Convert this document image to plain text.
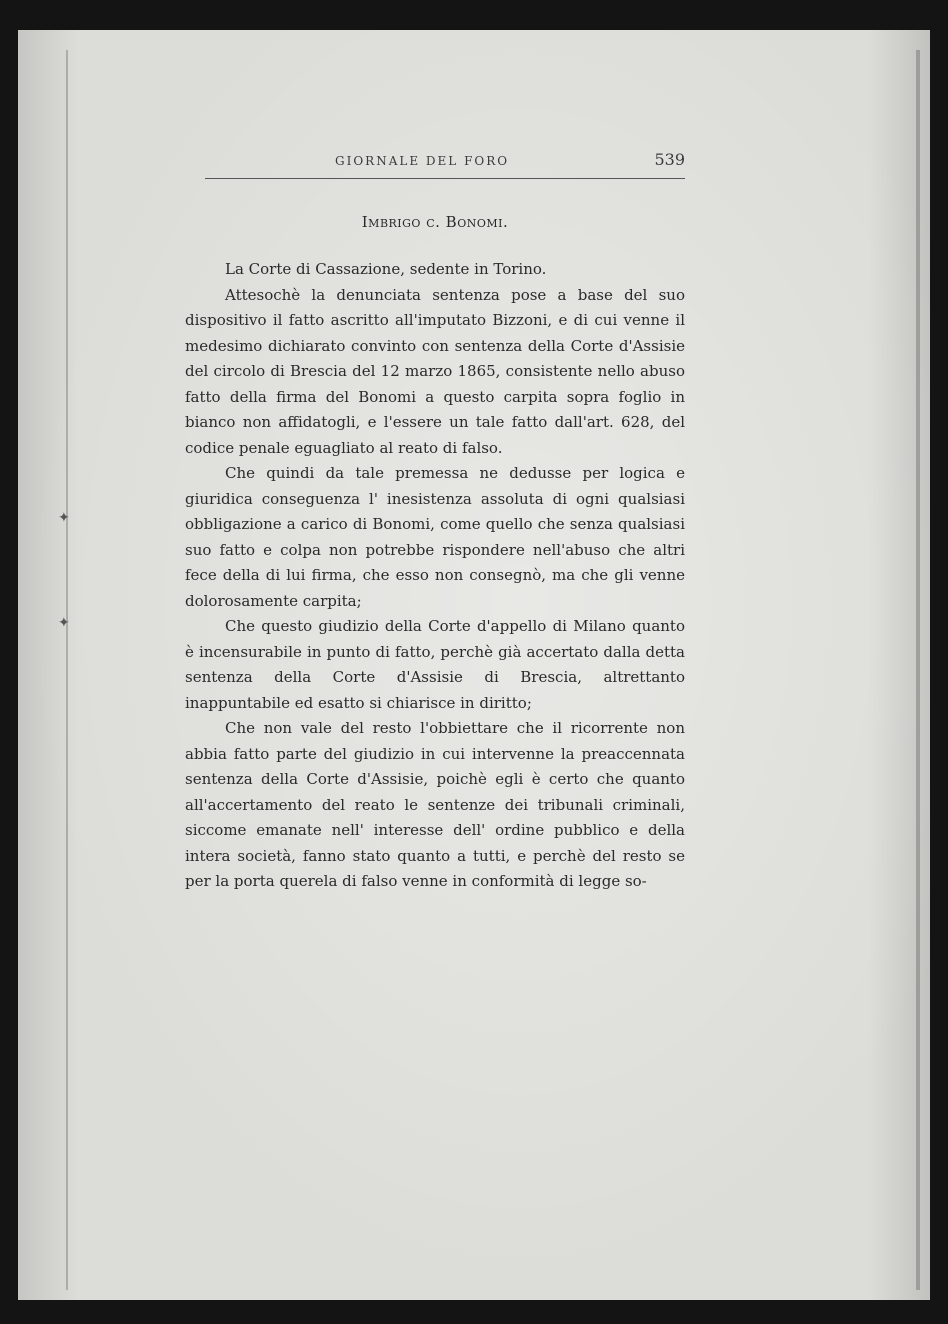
✦
✦
GIORNALE DEL FORO	539
Imbrigo c. Bonomi.
La Corte di Cassazione, sedente in Torino.

Attesochè la denunciata sentenza pose a base del suo dispositivo il fatto ascritto all'imputato Bizzoni, e di cui venne il medesimo dichiarato convinto con sentenza della Corte d'Assisie del circolo di Brescia del 12 marzo 1865, consistente nello abuso fatto della firma del Bonomi a questo carpita sopra foglio in bianco non affidatogli, e l'essere un tale fatto dall'art. 628, del codice penale eguagliato al reato di falso.

Che quindi da tale premessa ne dedusse per logica e giuridica conseguenza l' inesistenza assoluta di ogni qualsiasi obbligazione a carico di Bonomi, come quello che senza qualsiasi suo fatto e colpa non potrebbe rispondere nell'abuso che altri fece della di lui firma, che esso non consegnò, ma che gli venne dolorosamente carpita;

Che questo giudizio della Corte d'appello di Milano quanto è incensurabile in punto di fatto, perchè già accertato dalla detta sentenza della Corte d'Assisie di Brescia, altrettanto inappuntabile ed esatto si chiarisce in diritto;

Che non vale del resto l'obbiettare che il ricorrente non abbia fatto parte del giudizio in cui intervenne la preaccennata sentenza della Corte d'Assisie, poichè egli è certo che quanto all'accertamento del reato le sentenze dei tribunali criminali, siccome emanate nell' interesse dell' ordine pubblico e della intera società, fanno stato quanto a tutti, e perchè del resto se per la porta querela di falso venne in conformità di legge so-
